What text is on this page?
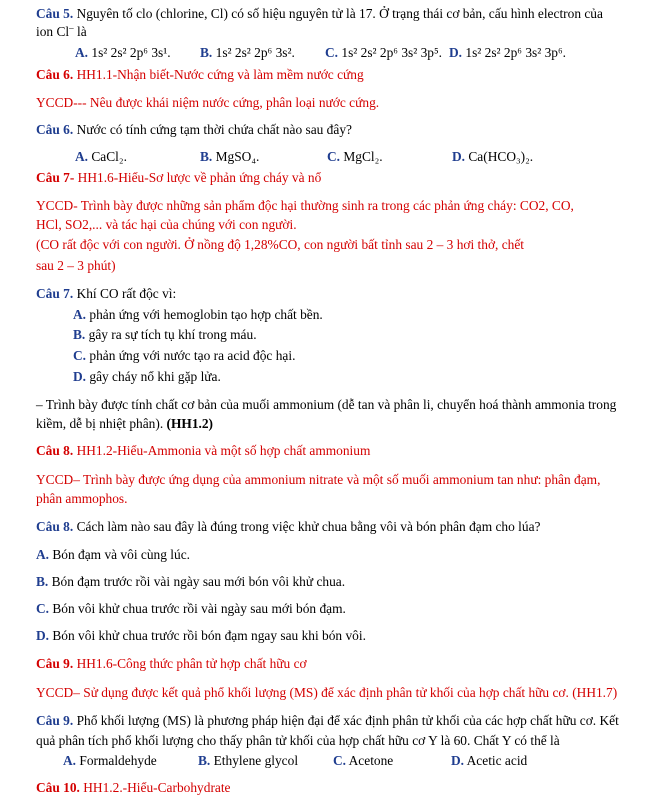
Câu 5. Nguyên tố clo (chlorine, Cl) có số hiệu nguyên tử là 17. Ở trạng thái cơ bản, cấu hình electron của
ion Cl– là
A. 1s² 2s² 2p⁶ 3s¹.	B. 1s² 2s² 2p⁶ 3s².	C. 1s² 2s² 2p⁶ 3s² 3p⁵. D. 1s² 2s² 2p⁶ 3s² 3p⁶.
Câu 6. HH1.1-Nhận biết-Nước cứng và làm mềm nước cứng
YCCD--- Nêu được khái niệm nước cứng, phân loại nước cứng.
Câu 6. Nước có tính cứng tạm thời chứa chất nào sau đây?
A. CaCl₂.	B. MgSO₄.	C. MgCl₂.	D. Ca(HCO₃)₂.
Câu 7- HH1.6-Hiểu-Sơ lược về phản ứng cháy và nổ
YCCD- Trình bày được những sản phẩm độc hại thường sinh ra trong các phản ứng cháy: CO2, CO,
HCl, SO2,... và tác hại của chúng với con người.
(CO rất độc với con người. Ở nồng độ 1,28%CO, con người bất tỉnh sau 2 – 3 hơi thở, chết
sau 2 – 3 phút)
Câu 7. Khí CO rất độc vì:
A. phản ứng với hemoglobin tạo hợp chất bền.
B. gây ra sự tích tụ khí trong máu.
C. phản ứng với nước tạo ra acid độc hại.
D. gây cháy nổ khi gặp lửa.
– Trình bày được tính chất cơ bản của muối ammonium (dễ tan và phân li, chuyển hoá thành ammonia trong
kiềm, dễ bị nhiệt phân). (HH1.2)
Câu 8. HH1.2-Hiểu-Ammonia và một số hợp chất ammonium
YCCD– Trình bày được ứng dụng của ammonium nitrate và một số muối ammonium tan như: phân đạm,
phân ammophos.
Câu 8. Cách làm nào sau đây là đúng trong việc khử chua bằng vôi và bón phân đạm cho lúa?
A. Bón đạm và vôi cùng lúc.
B. Bón đạm trước rồi vài ngày sau mới bón vôi khử chua.
C. Bón vôi khử chua trước rồi vài ngày sau mới bón đạm.
D. Bón vôi khử chua trước rồi bón đạm ngay sau khi bón vôi.
Câu 9. HH1.6-Công thức phân tử hợp chất hữu cơ
YCCD– Sử dụng được kết quả phổ khối lượng (MS) để xác định phân tử khối của hợp chất hữu cơ. (HH1.7)
Câu 9. Phổ khối lượng (MS) là phương pháp hiện đại để xác định phân tử khối của các hợp chất hữu cơ. Kết
quả phân tích phổ khối lượng cho thấy phân tử khối của hợp chất hữu cơ Y là 60. Chất Y có thể là
A. Formaldehyde	B. Ethylene glycol	C. Acetone	D. Acetic acid
Câu 10. HH1.2.-Hiểu-Carbohydrate
